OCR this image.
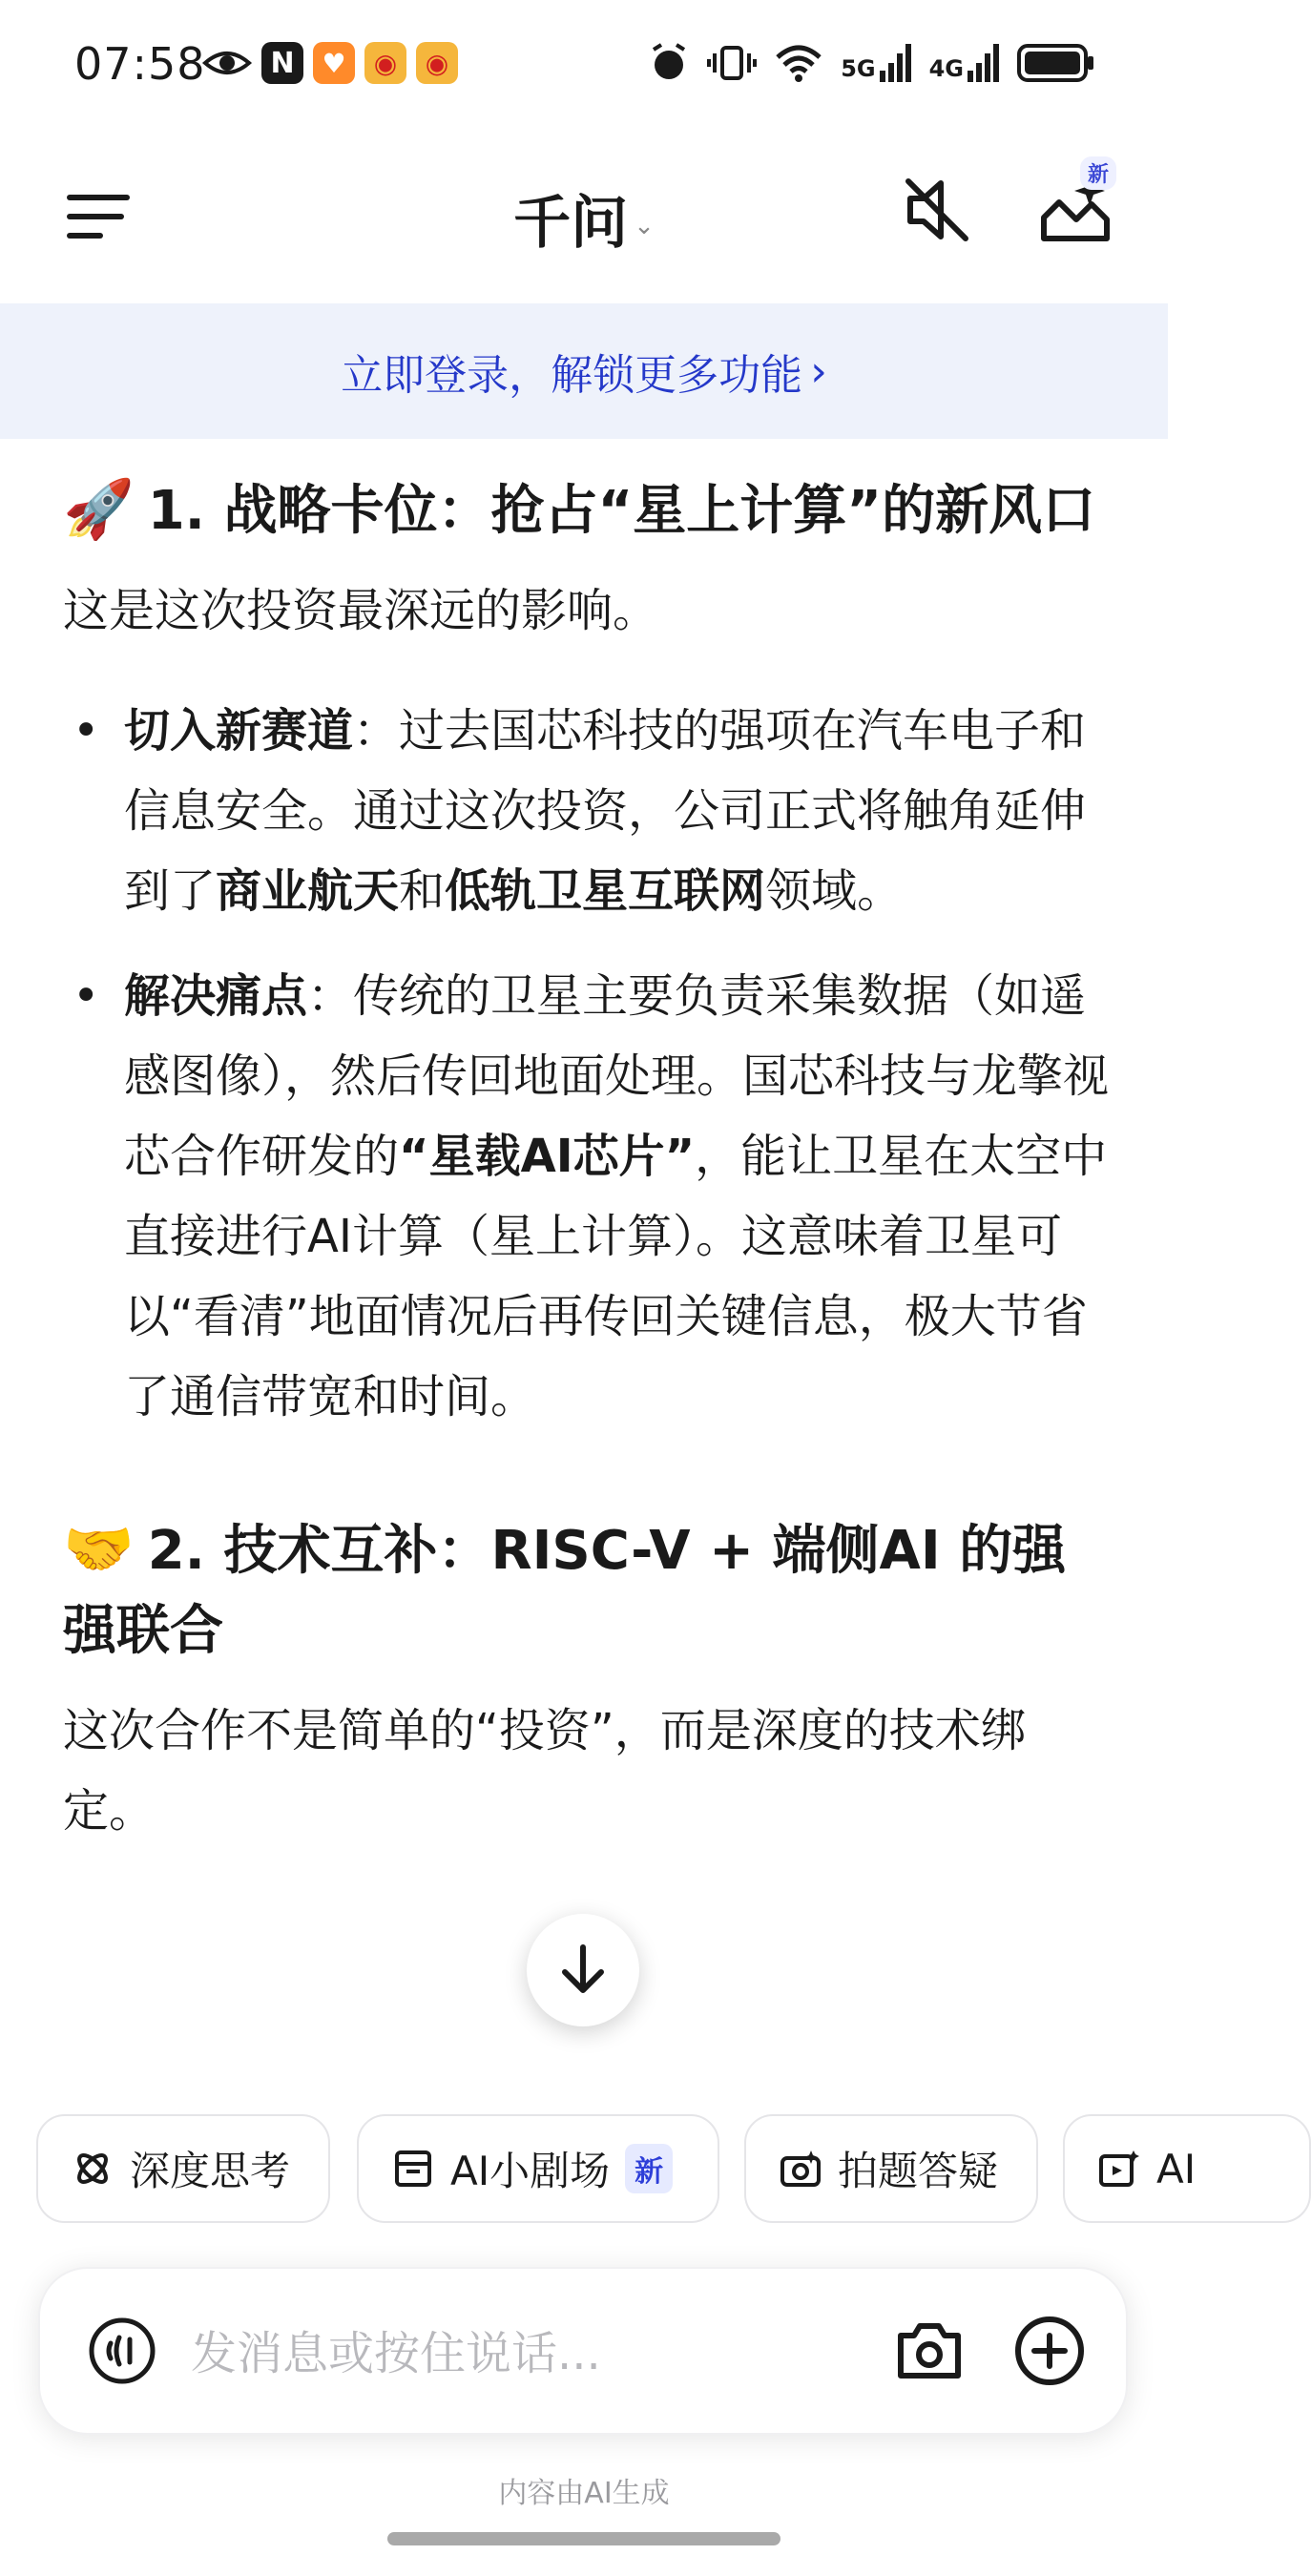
07:58	N	♥	◉	◉	5G 4G
千问 ⌄
新
立即登录，解锁更多功能 ›
🚀 1. 战略卡位：抢占“星上计算”的新风口

这是这次投资最深远的影响。

• 切入新赛道：过去国芯科技的强项在汽车电子和信息安全。通过这次投资，公司正式将触角延伸到了商业航天和低轨卫星互联网领域。
• 解决痛点：传统的卫星主要负责采集数据（如遥感图像），然后传回地面处理。国芯科技与龙擎视芯合作研发的“星载AI芯片”，能让卫星在太空中直接进行AI计算（星上计算）。这意味着卫星可以“看清”地面情况后再传回关键信息，极大节省了通信带宽和时间。
🤝 2. 技术互补：RISC-V + 端侧AI 的强强联合

这次合作不是简单的“投资”，而是深度的技术绑定。

深度思考	AI小剧场 新	拍题答疑	AI
发消息或按住说话...
内容由AI生成
